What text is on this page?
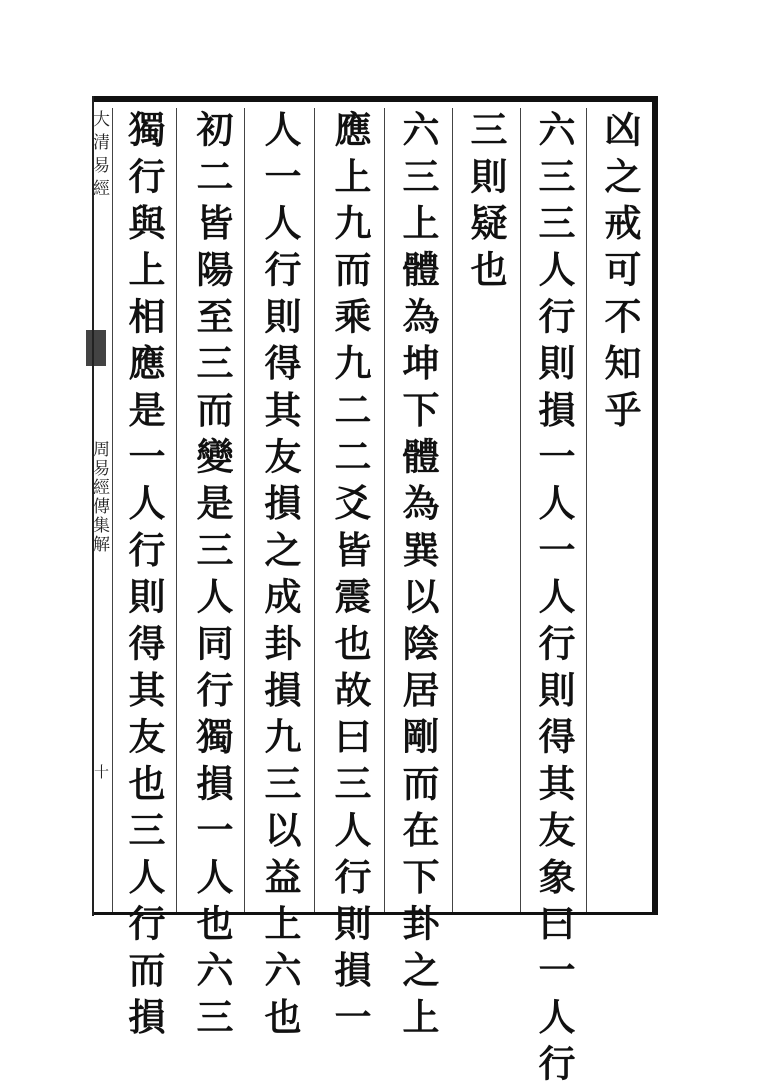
凶之戒可不知乎
六三三人行則損一人一人行則得其友象曰一人行
三則疑也
六三上體為坤下體為巽以陰居剛而在下卦之上
應上九而乘九二二爻皆震也故曰三人行則損一
人一人行則得其友損之成卦損九三以益上六也
初二皆陽至三而變是三人同行獨損一人也六三
獨行與上相應是一人行則得其友也三人行而損
大清易經
周易經傳集解
十
